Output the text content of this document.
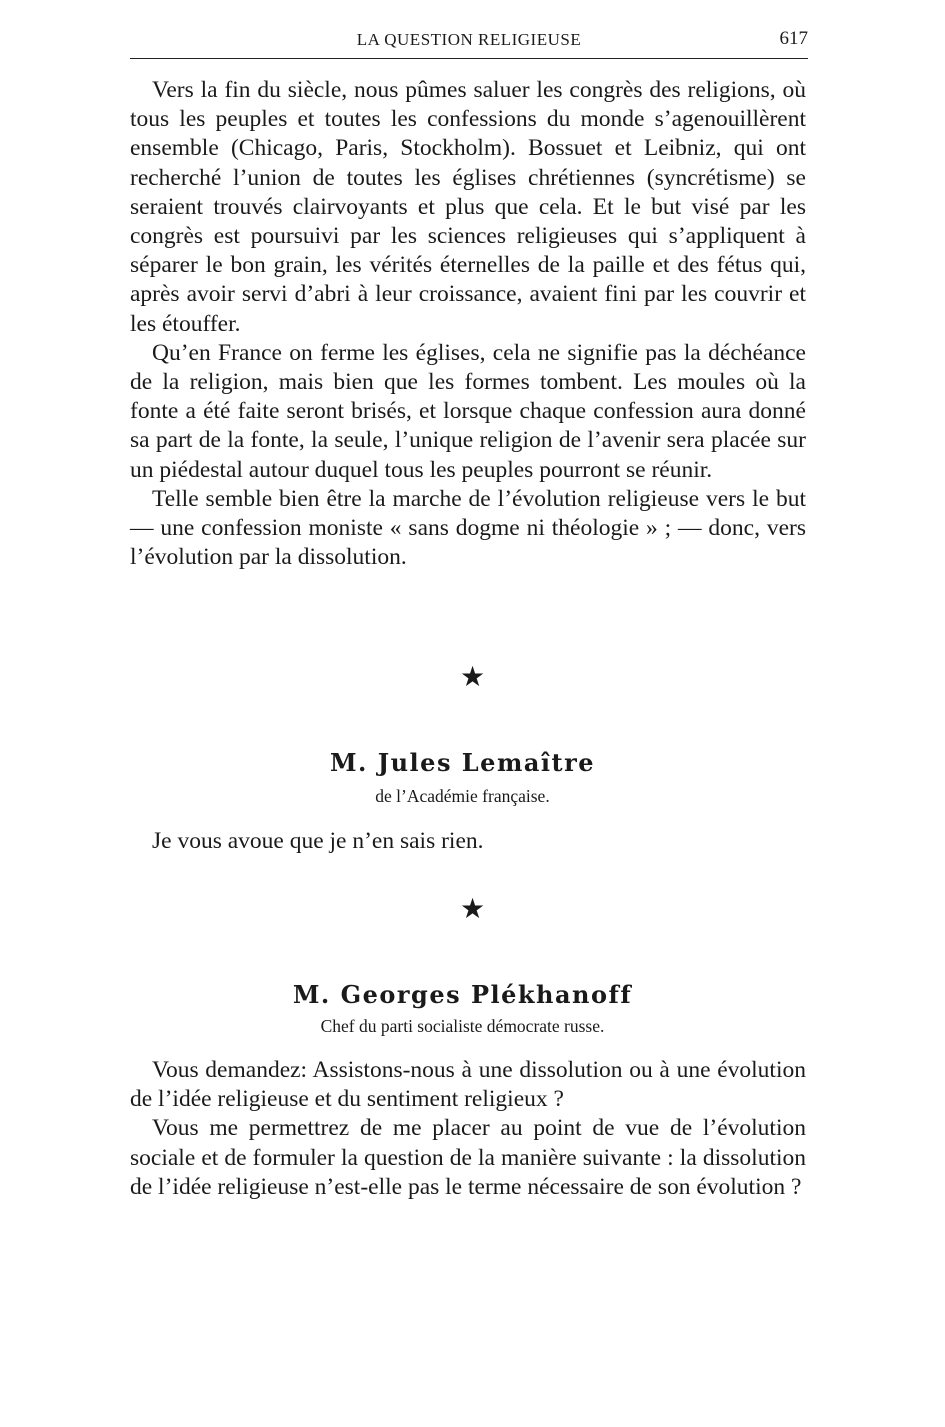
LA QUESTION RELIGIEUSE	617

Vers la fin du siècle, nous pûmes saluer les congrès des religions, où tous les peuples et toutes les confessions du monde s’agenouillèrent ensemble (Chicago, Paris, Stockholm). Bossuet et Leibniz, qui ont recherché l’union de toutes les églises chrétiennes (syncrétisme) se seraient trouvés clairvoyants et plus que cela. Et le but visé par les congrès est poursuivi par les sciences religieuses qui s’appliquent à séparer le bon grain, les vérités éternelles de la paille et des fétus qui, après avoir servi d’abri à leur croissance, avaient fini par les couvrir et les étouffer.

Qu’en France on ferme les églises, cela ne signifie pas la déchéance de la religion, mais bien que les formes tombent. Les moules où la fonte a été faite seront brisés, et lorsque chaque confession aura donné sa part de la fonte, la seule, l’unique religion de l’avenir sera placée sur un piédestal autour duquel tous les peuples pourront se réunir.

Telle semble bien être la marche de l’évolution religieuse vers le but — une confession moniste « sans dogme ni théologie » ; — donc, vers l’évolution par la dissolution.

★
M. Jules Lemaître
de l’Académie française.
Je vous avoue que je n’en sais rien.
★
M. Georges Plékhanoff
Chef du parti socialiste démocrate russe.

Vous demandez: Assistons-nous à une dissolution ou à une évolution de l’idée religieuse et du sentiment religieux ?

Vous me permettrez de me placer au point de vue de l’évolution sociale et de formuler la question de la manière suivante : la dissolution de l’idée religieuse n’est-elle pas le terme nécessaire de son évolution ?
